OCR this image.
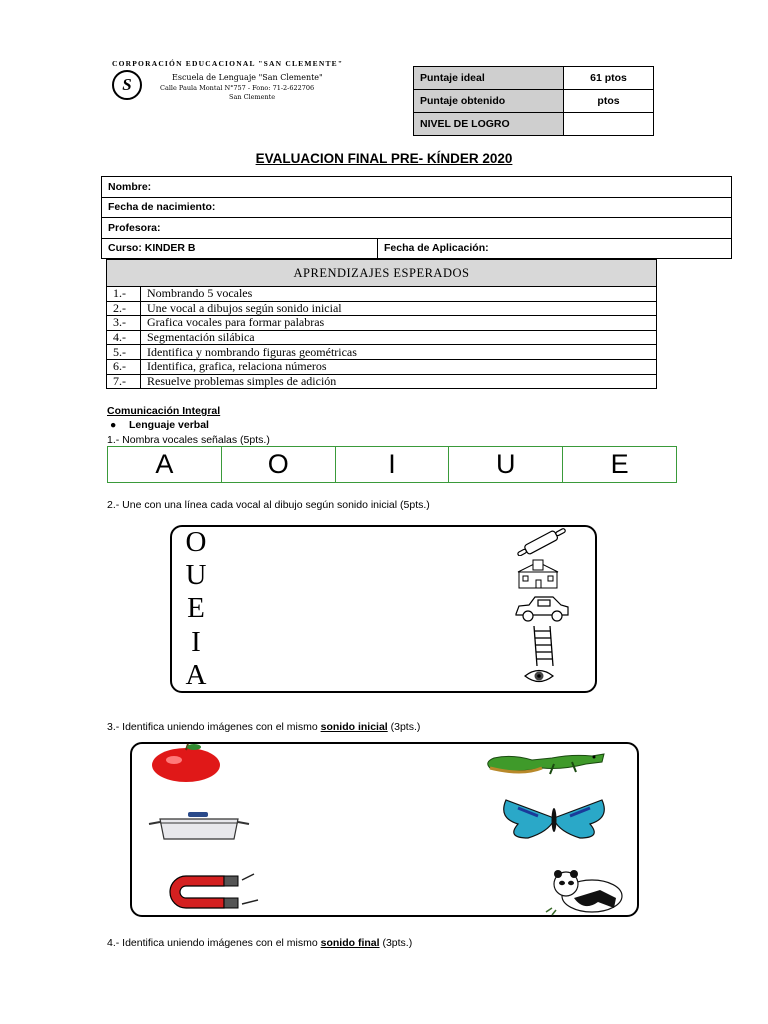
CORPORACIÓN EDUCACIONAL "SAN CLEMENTE"
S	Escuela de Lenguaje "San Clemente"
Calle Paula Montal N°757 - Fono: 71-2-622706
San Clemente
Puntaje ideal	61 ptos
Puntaje obtenido	ptos
NIVEL DE LOGRO	
EVALUACION FINAL PRE- KÍNDER 2020
Nombre:
Fecha de nacimiento:
Profesora:
Curso: KINDER B	Fecha de Aplicación:
APRENDIZAJES ESPERADOS	
1.-	Nombrando 5 vocales
2.-	Une vocal a dibujos según sonido inicial
3.-	Grafica vocales para formar palabras
4.-	Segmentación silábica
5.-	Identifica y nombrando figuras geométricas
6.-	Identifica, grafica, relaciona números
7.-	Resuelve problemas simples de adición
Comunicación Integral
● Lenguaje verbal
1.- Nombra vocales señalas (5pts.)
A	O	I	U	E
2.- Une con una línea cada vocal al dibujo según sonido inicial (5pts.)
O
U
E
I
A
3.- Identifica uniendo imágenes con el mismo sonido inicial (3pts.)
4.- Identifica uniendo imágenes con el mismo sonido final (3pts.)
